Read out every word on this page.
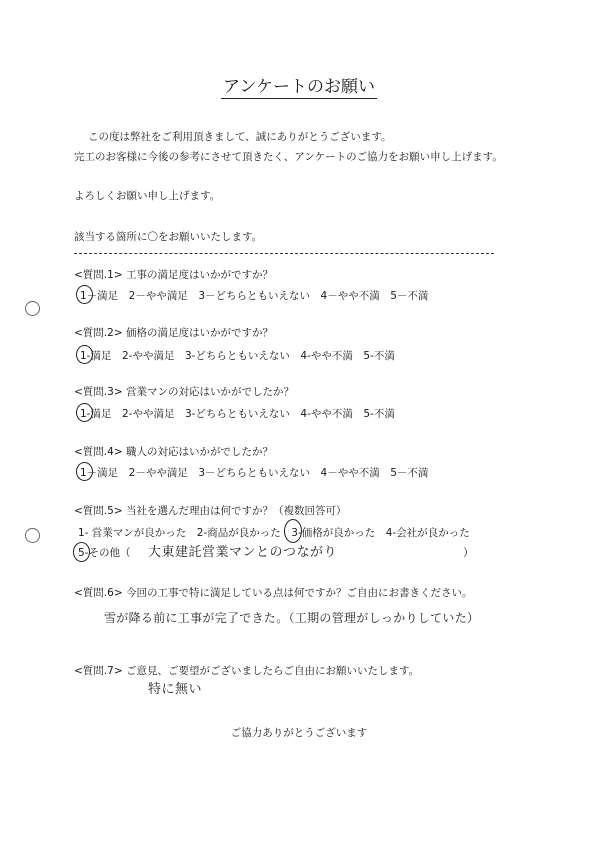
アンケートのお願い
この度は弊社をご利用頂きまして、誠にありがとうございます。
完工のお客様に今後の参考にさせて頂きたく、アンケートのご協力をお願い申し上げます。
よろしくお願い申し上げます。
該当する箇所に〇をお願いいたします。
<質問.1> 工事の満足度はいかがですか？
1－満足　2－やや満足　3－どちらともいえない　4－やや不満　5－不満
<質問.2> 価格の満足度はいかがですか？
1-満足　2-やや満足　3-どちらともいえない　4-やや不満　5-不満
<質問.3> 営業マンの対応はいかがでしたか？
1-満足　2-やや満足　3-どちらともいえない　4-やや不満　5-不満
<質問.4> 職人の対応はいかがでしたか？
1－満足　2－やや満足　3－どちらともいえない　4－やや不満　5－不満
<質問.5> 当社を選んだ理由は何ですか？（複数回答可）
1- 営業マンが良かった　2-商品が良かった　3-価格が良かった　4-会社が良かった
5-その他（ 大東建託営業マンとのつながり	）
<質問.6> 今回の工事で特に満足している点は何ですか？ご自由にお書きください。
雪が降る前に工事が完了できた。（工期の管理がしっかりしていた）
<質問.7> ご意見、ご要望がございましたらご自由にお願いいたします。
特に無い
ご協力ありがとうございます
